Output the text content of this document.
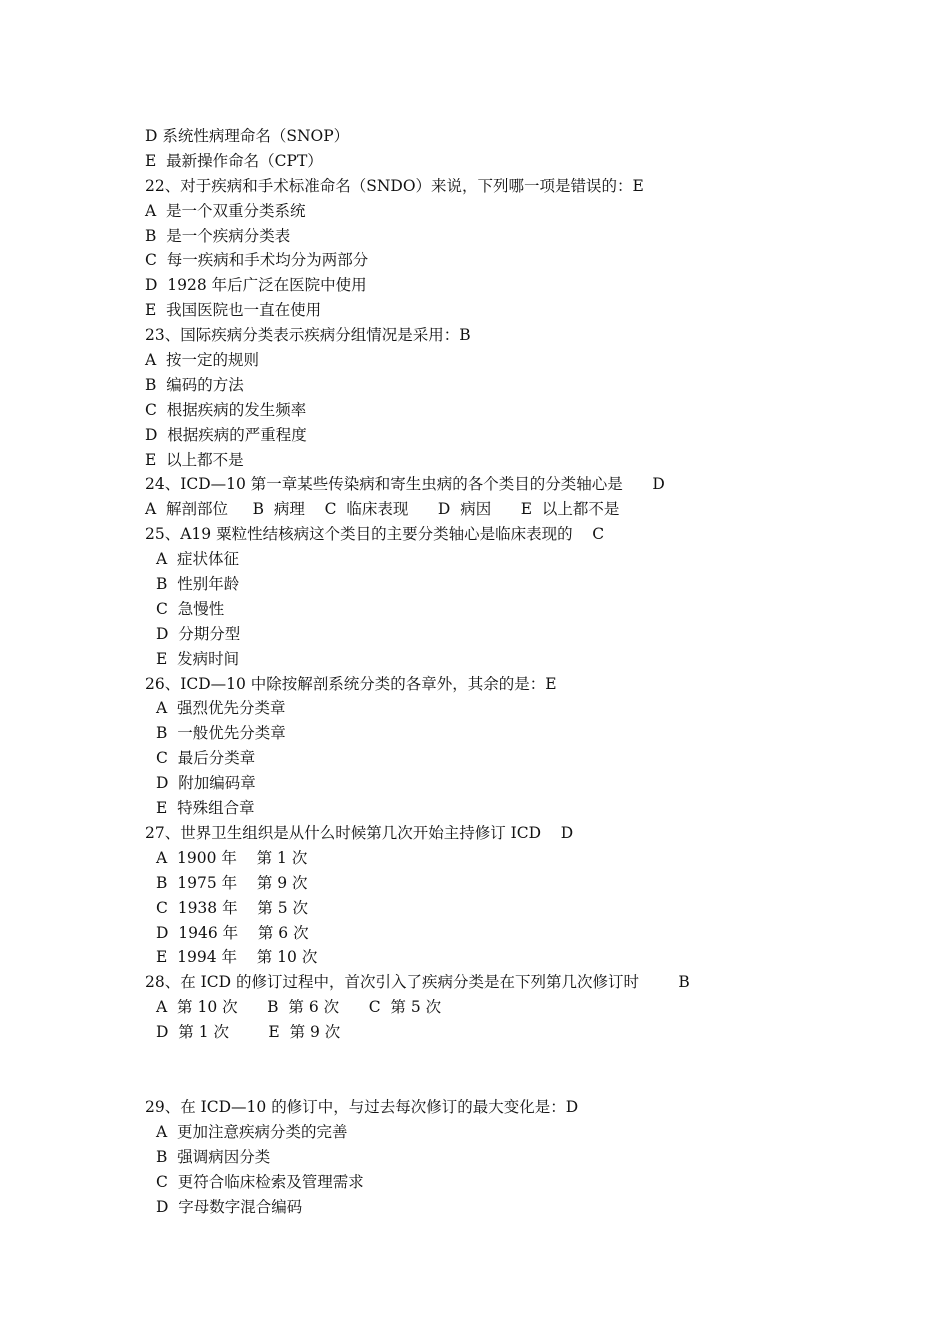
D 系统性病理命名（SNOP）
E  最新操作命名（CPT）
22、对于疾病和手术标准命名（SNDO）来说，下列哪一项是错误的：E
A  是一个双重分类系统
B  是一个疾病分类表
C  每一疾病和手术均分为两部分
D  1928 年后广泛在医院中使用
E  我国医院也一直在使用
23、国际疾病分类表示疾病分组情况是采用：B
A  按一定的规则
B  编码的方法
C  根据疾病的发生频率
D  根据疾病的严重程度
E  以上都不是
24、ICD—10 第一章某些传染病和寄生虫病的各个类目的分类轴心是      D
A  解剖部位     B  病理    C  临床表现      D  病因      E  以上都不是
25、A19 粟粒性结核病这个类目的主要分类轴心是临床表现的    C
A  症状体征
B  性别年龄
C  急慢性
D  分期分型
E  发病时间
26、ICD—10 中除按解剖系统分类的各章外，其余的是：E
A  强烈优先分类章
B  一般优先分类章
C  最后分类章
D  附加编码章
E  特殊组合章
27、世界卫生组织是从什么时候第几次开始主持修订 ICD    D
A  1900 年    第 1 次
B  1975 年    第 9 次
C  1938 年    第 5 次
D  1946 年    第 6 次
E  1994 年    第 10 次
28、在 ICD 的修订过程中，首次引入了疾病分类是在下列第几次修订时        B
A  第 10 次      B  第 6 次      C  第 5 次
D  第 1 次        E  第 9 次
29、在 ICD—10 的修订中，与过去每次修订的最大变化是：D
A  更加注意疾病分类的完善
B  强调病因分类
C  更符合临床检索及管理需求
D  字母数字混合编码
